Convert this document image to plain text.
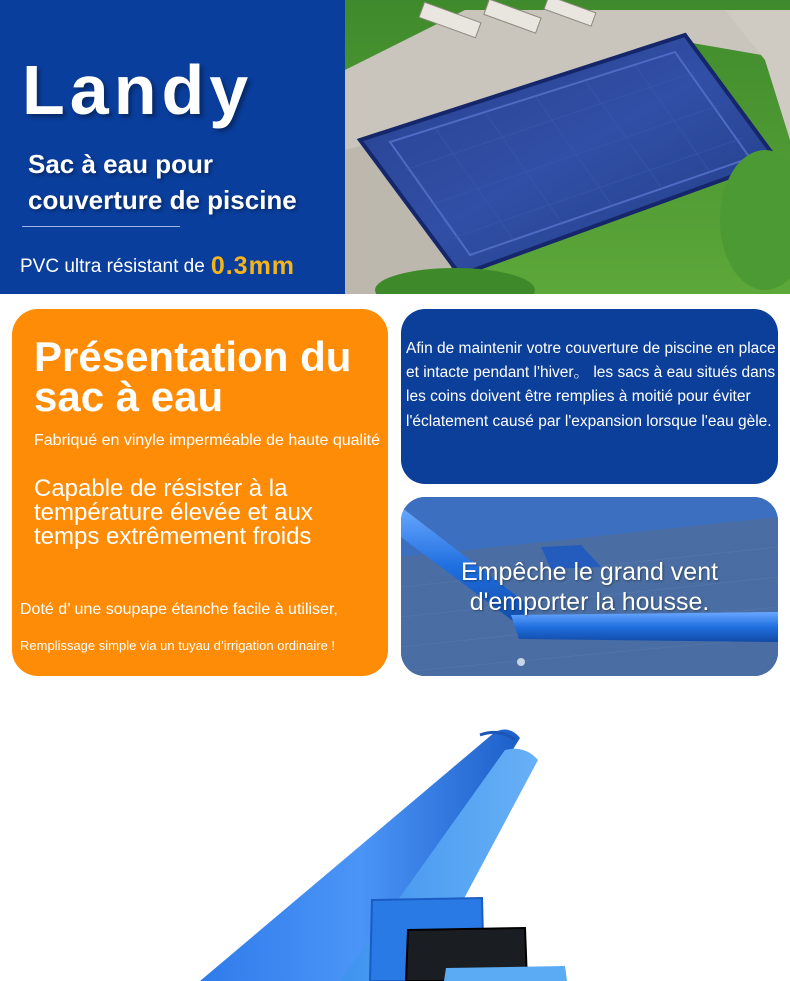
Landy
Sac à eau pour
couverture de piscine
PVC ultra résistant de 0.3mm
Présentation du
sac à eau
Fabriqué en vinyle imperméable de haute qualité
Capable de résister à la température élevée et aux temps extrêmement froids
Doté d’ une soupape étanche facile à utiliser,
Remplissage simple via un tuyau d’irrigation ordinaire !
Afin de maintenir votre couverture de piscine en place et intacte pendant l'hiver。 les sacs à eau situés dans les coins doivent être remplies à moitié pour éviter l'éclatement causé par l'expansion lorsque l'eau gèle.
Empêche le grand vent
d'emporter la housse.
